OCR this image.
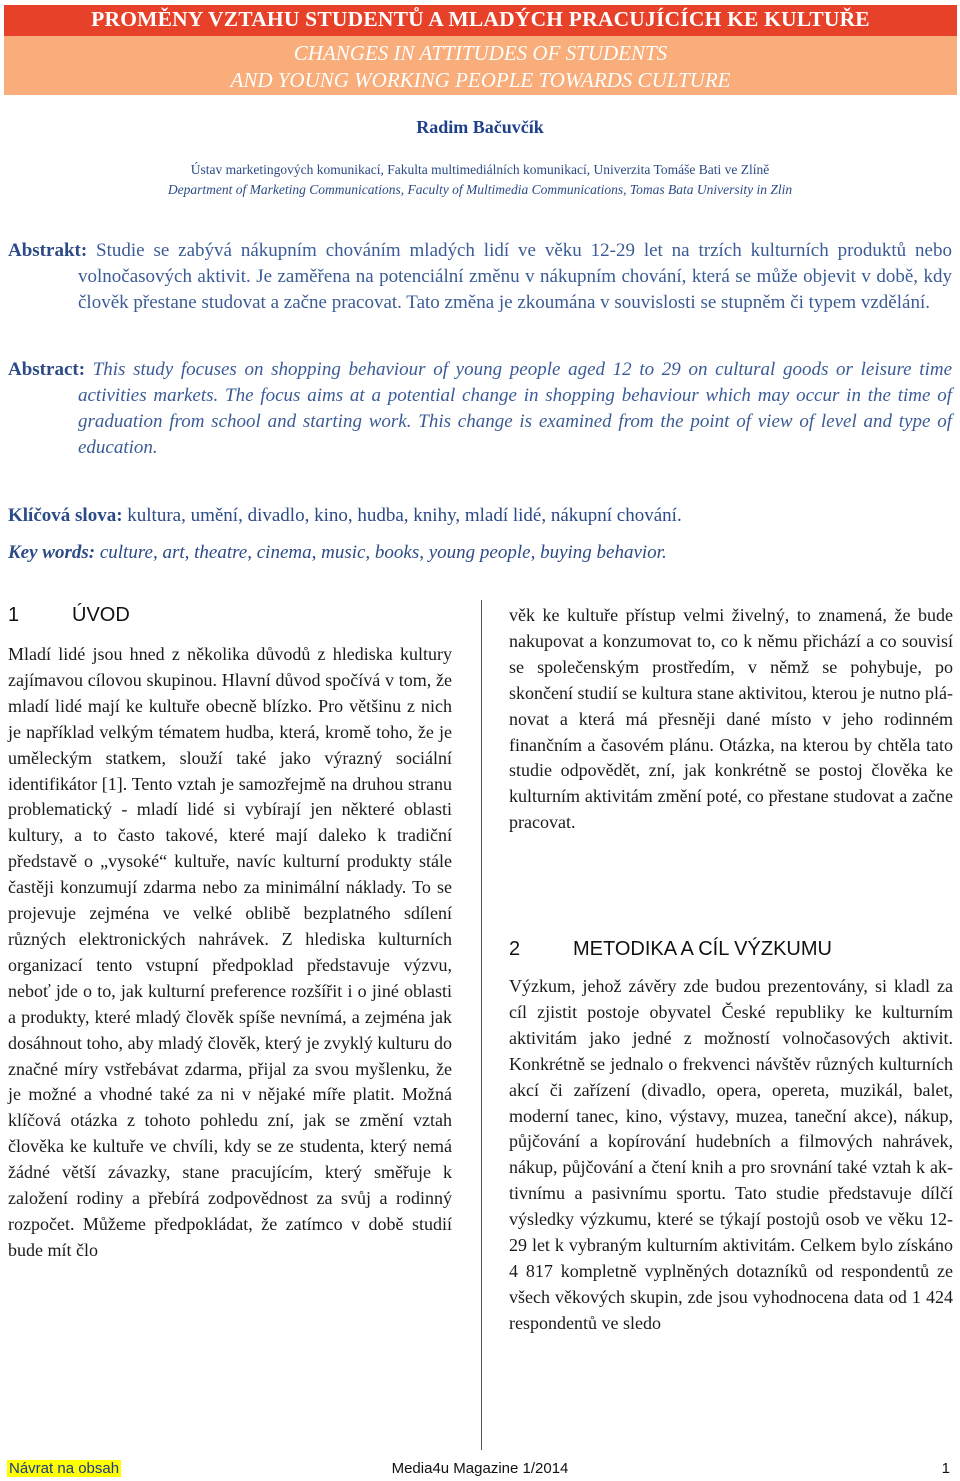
PROMĚNY VZTAHU STUDENTŮ A MLADÝCH PRACUJÍCÍCH KE KULTUŘE
CHANGES IN ATTITUDES OF STUDENTS
AND YOUNG WORKING PEOPLE TOWARDS CULTURE
Radim Bačuvčík
Ústav marketingových komunikací, Fakulta multimediálních komunikací, Univerzita Tomáše Bati ve Zlíně
Department of Marketing Communications, Faculty of Multimedia Communications, Tomas Bata University in Zlin
Abstrakt: Studie se zabývá nákupním chováním mladých lidí ve věku 12-29 let na trzích kulturních produktů nebo volnočasových aktivit. Je zaměřena na potenciální změnu v nákupním chování, která se může objevit v době, kdy člověk přestane studovat a začne pracovat. Tato změna je zkoumána v souvislosti se stupněm či typem vzdělání.
Abstract: This study focuses on shopping behaviour of young people aged 12 to 29 on cultural goods or leisure time activities markets. The focus aims at a potential change in shopping behaviour which may occur in the time of graduation from school and starting work. This change is examined from the point of view of level and type of education.
Klíčová slova: kultura, umění, divadlo, kino, hudba, knihy, mladí lidé, nákupní chování.
Key words: culture, art, theatre, cinema, music, books, young people, buying behavior.
1	ÚVOD

Mladí lidé jsou hned z několika důvodů z hlediska kultury zajímavou cílovou skupinou. Hlavní důvod spočívá v tom, že mladí lidé mají ke kultuře obecně blízko. Pro většinu z nich je například velkým tématem hudba, která, kromě toho, že je uměleckým statkem, slouží také jako výrazný sociální identifikátor [1]. Tento vztah je samozřejmě na druhou stranu problematický - mladí lidé si vybírají jen některé oblasti kultury, a to často takové, které mají daleko k tradiční představě o „vysoké“ kultuře, navíc kulturní produkty stále častěji konzumují zdarma nebo za minimální náklady. To se projevuje zejména ve velké oblibě bezplatného sdílení různých elektronických nahrávek. Z hlediska kulturních organizací tento vstupní předpoklad představuje výzvu, neboť jde o to, jak kulturní preference rozšířit i o jiné oblasti a produkty, které mladý člověk spíše nevnímá, a zejména jak dosáhnout toho, aby mladý člověk, který je zvyklý kulturu do značné míry vstřebávat zdarma, přijal za svou myšlenku, že je možné a vhodné také za ni v nějaké míře platit. Možná klíčová otázka z tohoto pohledu zní, jak se změní vztah člověka ke kultuře ve chvíli, kdy se ze studenta, který nemá žádné větší závazky, stane pracujícím, který směřuje k založení rodiny a přebírá zodpovědnost za svůj a rodinný rozpočet. Můžeme předpokládat, že zatímco v době studií bude mít člo

věk ke kultuře přístup velmi živelný, to znamená, že bude nakupovat a konzumovat to, co k němu přichází a co souvisí se společenským prostředím, v němž se pohybuje, po skončení studií se kultura stane aktivitou, kterou je nutno plánovat a která má přesněji dané místo v jeho rodinném finančním a časovém plánu. Otázka, na kterou by chtěla tato studie odpovědět, zní, jak konkrétně se postoj člověka ke kulturním aktivitám změní poté, co přestane studovat a začne pracovat.

2	METODIKA A CÍL VÝZKUMU

Výzkum, jehož závěry zde budou prezentovány, si kladl za cíl zjistit postoje obyvatel České republiky ke kulturním aktivitám jako jedné z možností volnočasových aktivit. Konkrétně se jednalo o frekvenci návštěv různých kulturních akcí či zařízení (divadlo, opera, opereta, muzikál, balet, moderní tanec, kino, výstavy, muzea, taneční akce), nákup, půjčování a kopírování hudebních a filmových nahrávek, nákup, půjčování a čtení knih a pro srovnání také vztah k aktivnímu a pasivnímu sportu. Tato studie představuje dílčí výsledky výzkumu, které se týkají postojů osob ve věku 12-29 let k vybraným kulturním aktivitám. Celkem bylo získáno 4 817 kompletně vyplněných dotazníků od respondentů ze všech věkových skupin, zde jsou vyhodnocena data od 1 424 respondentů ve sledo

Návrat na obsah	Media4u Magazine 1/2014	1
